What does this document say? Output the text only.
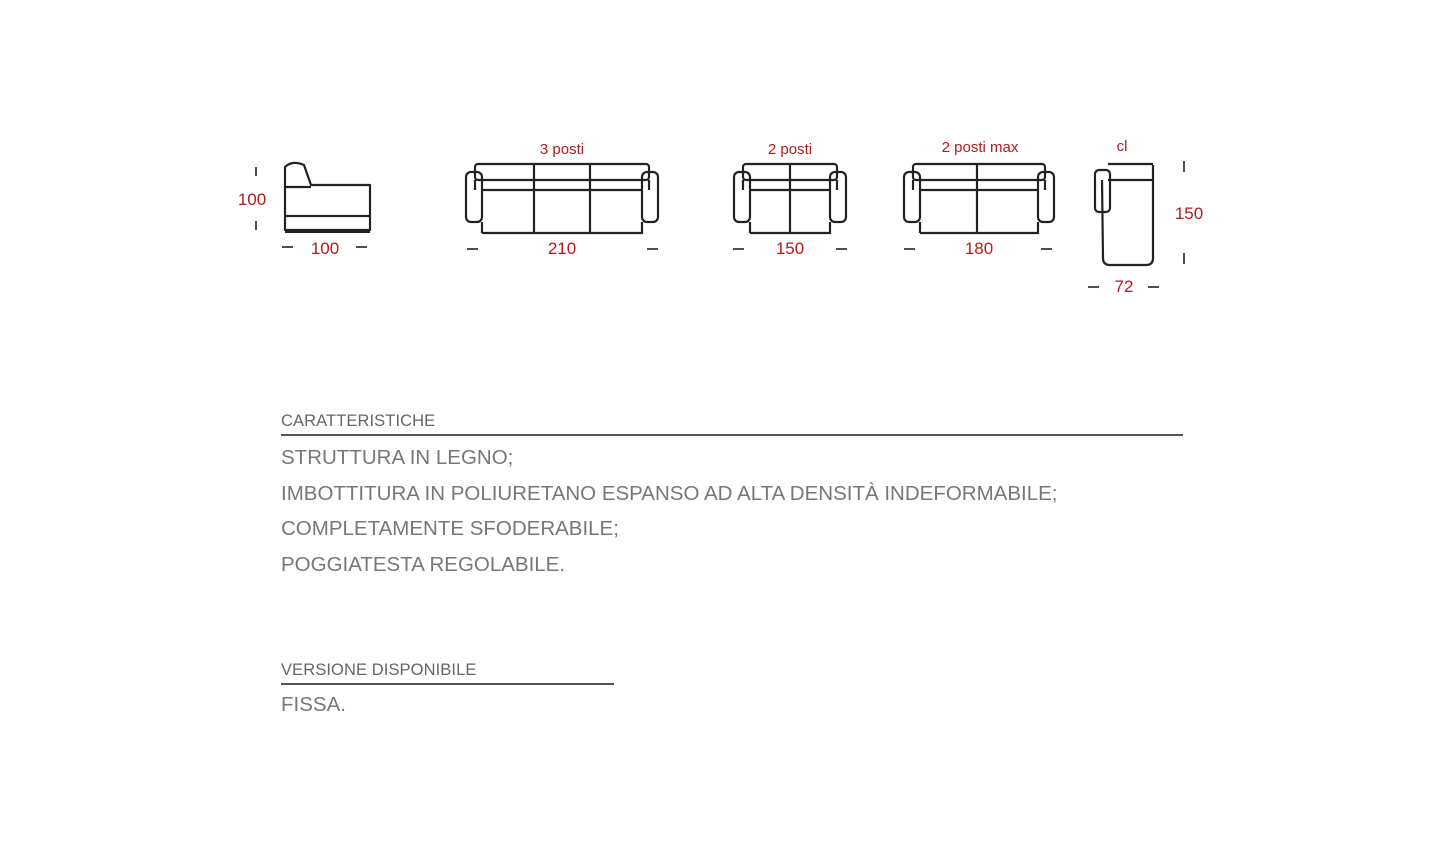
100
100
3 posti
210
2 posti
150
2 posti max
180
cl
150
72
CARATTERISTICHE
STRUTTURA IN LEGNO;
IMBOTTITURA IN POLIURETANO ESPANSO AD ALTA DENSITÀ INDEFORMABILE;
COMPLETAMENTE SFODERABILE;
POGGIATESTA REGOLABILE.
VERSIONE DISPONIBILE
FISSA.
